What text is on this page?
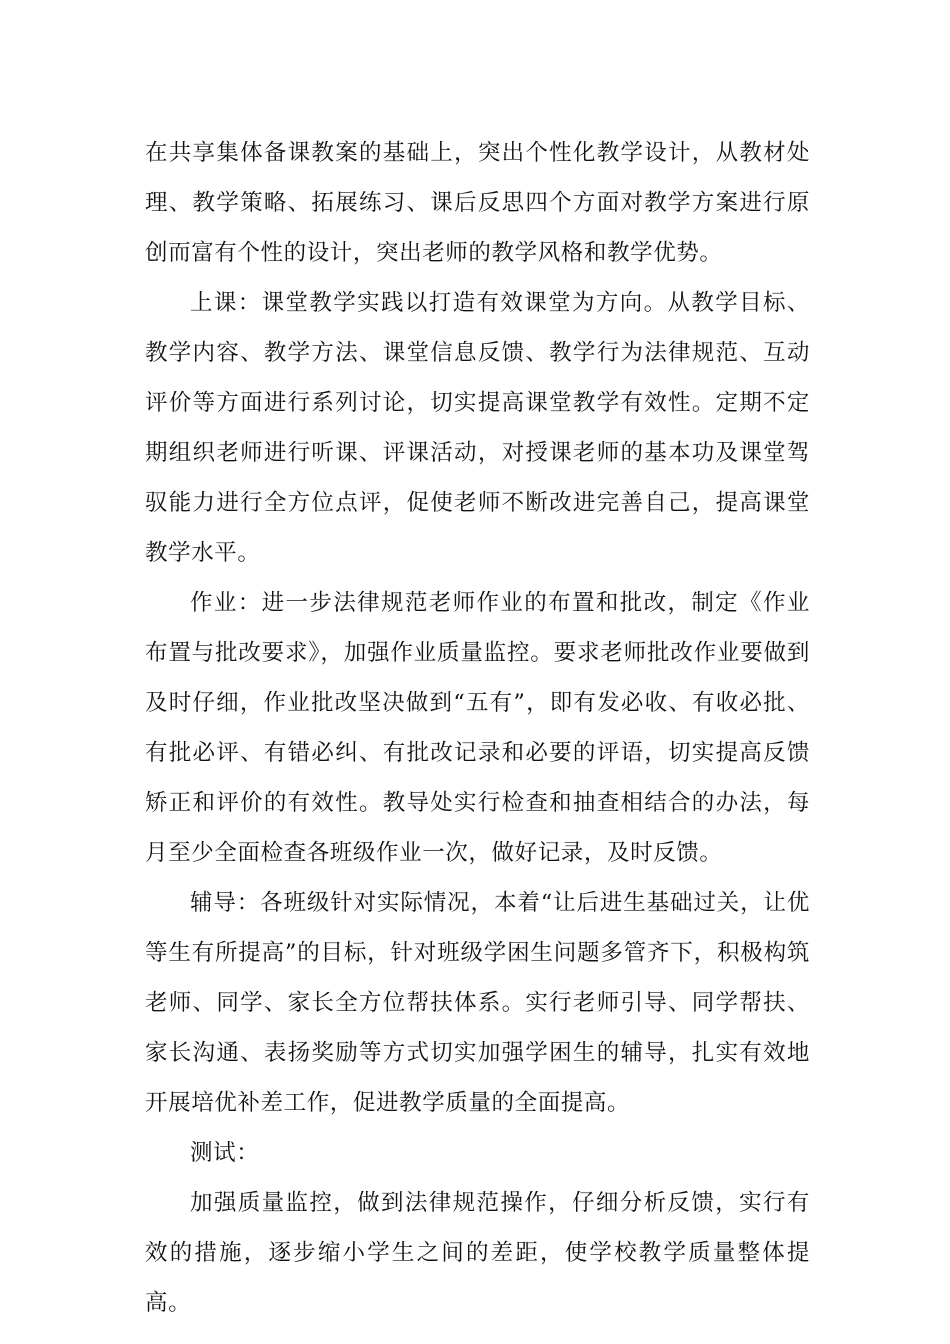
在共享集体备课教案的基础上，突出个性化教学设计，从教材处理、教学策略、拓展练习、课后反思四个方面对教学方案进行原创而富有个性的设计，突出老师的教学风格和教学优势。

上课：课堂教学实践以打造有效课堂为方向。从教学目标、教学内容、教学方法、课堂信息反馈、教学行为法律规范、互动评价等方面进行系列讨论，切实提高课堂教学有效性。定期不定期组织老师进行听课、评课活动，对授课老师的基本功及课堂驾驭能力进行全方位点评，促使老师不断改进完善自己，提高课堂教学水平。

作业：进一步法律规范老师作业的布置和批改，制定《作业布置与批改要求》，加强作业质量监控。要求老师批改作业要做到及时仔细，作业批改坚决做到“五有”，即有发必收、有收必批、有批必评、有错必纠、有批改记录和必要的评语，切实提高反馈矫正和评价的有效性。教导处实行检查和抽查相结合的办法，每月至少全面检查各班级作业一次，做好记录，及时反馈。

辅导：各班级针对实际情况，本着“让后进生基础过关，让优等生有所提高”的目标，针对班级学困生问题多管齐下，积极构筑老师、同学、家长全方位帮扶体系。实行老师引导、同学帮扶、家长沟通、表扬奖励等方式切实加强学困生的辅导，扎实有效地开展培优补差工作，促进教学质量的全面提高。

测试：

加强质量监控，做到法律规范操作，仔细分析反馈，实行有效的措施，逐步缩小学生之间的差距，使学校教学质量整体提高。
